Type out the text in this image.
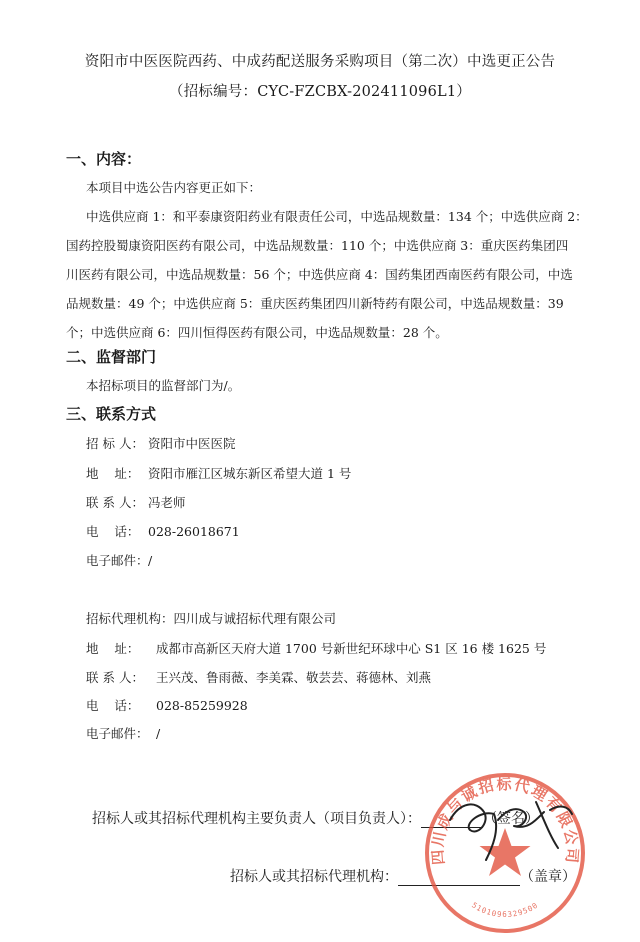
资阳市中医医院西药、中成药配送服务采购项目（第二次）中选更正公告
（招标编号：CYC-FZCBX-202411096L1）
一、内容：
本项目中选公告内容更正如下：
中选供应商 1：和平泰康资阳药业有限责任公司，中选品规数量：134 个；中选供应商 2：
国药控股蜀康资阳医药有限公司，中选品规数量：110 个；中选供应商 3：重庆医药集团四
川医药有限公司，中选品规数量：56 个；中选供应商 4：国药集团西南医药有限公司，中选
品规数量：49 个；中选供应商 5：重庆医药集团四川新特药有限公司，中选品规数量：39
个；中选供应商 6：四川恒得医药有限公司，中选品规数量：28 个。
二、监督部门
本招标项目的监督部门为/。
三、联系方式
招 标 人： 资阳市中医医院
地    址： 资阳市雁江区城东新区希望大道 1 号
联 系 人： 冯老师
电    话： 028-26018671
电子邮件：/
招标代理机构：四川成与诚招标代理有限公司
地    址： 成都市高新区天府大道 1700 号新世纪环球中心 S1 区 16 楼 1625 号
联 系 人： 王兴茂、鲁雨薇、李美霖、敬芸芸、蒋德林、刘燕
电    话： 028-85259928
电子邮件： /
招标人或其招标代理机构主要负责人（项目负责人）：	（签名）
招标人或其招标代理机构：	（盖章）
四川成与诚招标代理有限公司
5101096329500
